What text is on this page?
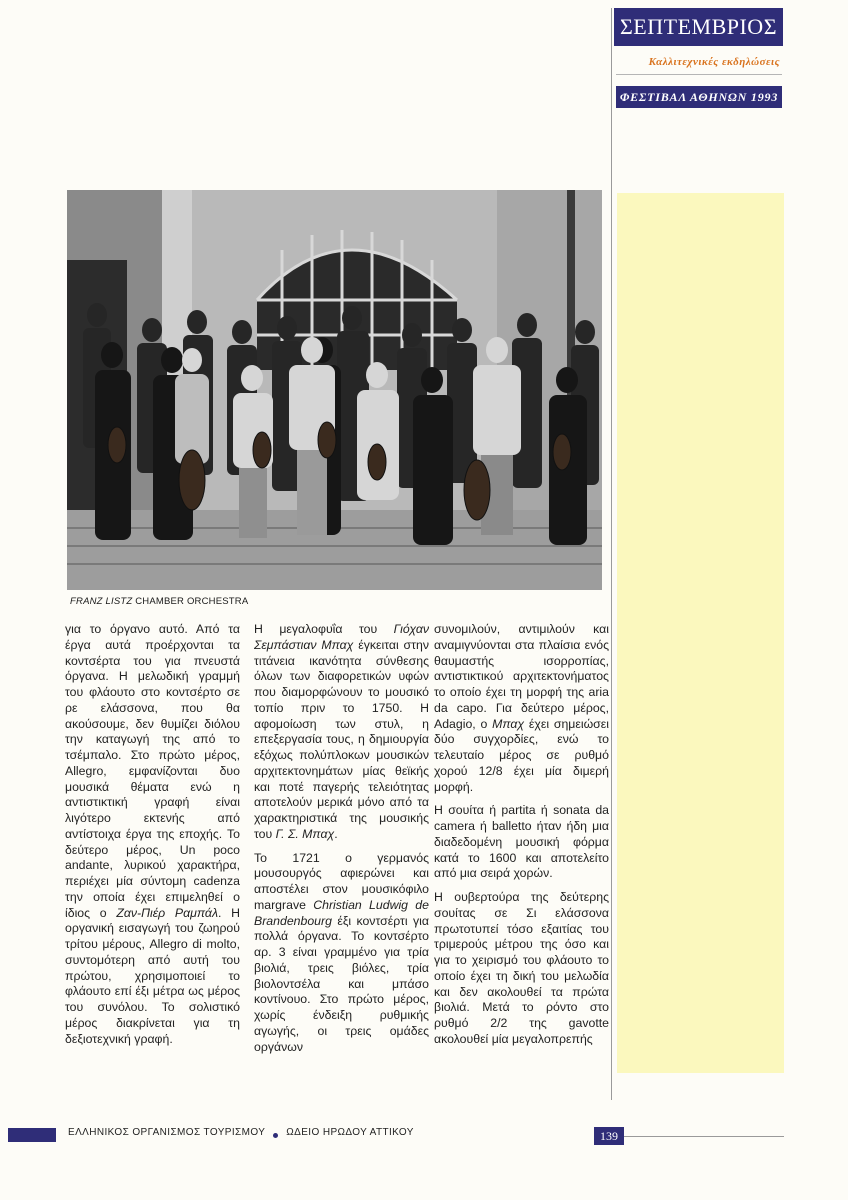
ΣΕΠΤΕΜΒΡΙΟΣ
Καλλιτεχνικές εκδηλώσεις
ΦΕΣΤΙΒΑΛ ΑΘΗΝΩΝ 1993
FRANZ LISTZ CHAMBER ORCHESTRA

για το όργανο αυτό. Από τα έργα αυτά προέρχονται τα κοντσέρτα του για πνευστά όργανα. Η μελωδική γραμμή του φλάουτο στο κοντσέρτο σε ρε ελάσσονα, που θα ακούσουμε, δεν θυμίζει διόλου την καταγωγή της από το τσέμπαλο. Στο πρώτο μέρος, Allegro, εμφανίζονται δυο μουσικά θέματα ενώ η αντιστικτική γραφή είναι λιγότερο εκτενής από αντίστοιχα έργα της εποχής. Το δεύτερο μέρος, Un poco andante, λυρικού χαρακτήρα, περιέχει μία σύντομη cadenza την οποία έχει επιμεληθεί ο ίδιος ο Ζαν-Πιέρ Ραμπάλ. Η οργανική εισαγωγή του ζωηρού τρίτου μέρους, Allegro di molto, συντομότερη από αυτή του πρώτου, χρησιμοποιεί το φλάουτο επί έξι μέτρα ως μέρος του συνόλου. Το σολιστικό μέρος διακρίνεται για τη δεξιοτεχνική γραφή.

Η μεγαλοφυΐα του Γιόχαν Σεμπάστιαν Μπαχ έγκειται στην τιτάνεια ικανότητα σύνθεσης όλων των διαφορετικών υφών που διαμορφώνουν το μουσικό τοπίο πριν το 1750. Η αφομοίωση των στυλ, η επεξεργασία τους, η δημιουργία εξόχως πολύπλοκων μουσικών αρχιτεκτονημάτων μίας θεϊκής και ποτέ παγερής τελειότητας αποτελούν μερικά μόνο από τα χαρακτηριστικά της μουσικής του Γ. Σ. Μπαχ.

Το 1721 ο γερμανός μουσουργός αφιερώνει και αποστέλει στον μουσικόφιλο margrave Christian Ludwig de Brandenbourg έξι κοντσέρτι για πολλά όργανα. Το κοντσέρτο αρ. 3 είναι γραμμένο για τρία βιολιά, τρεις βιόλες, τρία βιολοντσέλα και μπάσο κοντίνουο. Στο πρώτο μέρος, χωρίς ένδειξη ρυθμικής αγωγής, οι τρεις ομάδες οργάνων

συνομιλούν, αντιμιλούν και αναμιγνύονται στα πλαίσια ενός θαυμαστής ισορροπίας, αντιστικτικού αρχιτεκτονήματος το οποίο έχει τη μορφή της aria da capo. Για δεύτερο μέρος, Adagio, ο Μπαχ έχει σημειώσει δύο συγχορδίες, ενώ το τελευταίο μέρος σε ρυθμό χορού 12/8 έχει μία διμερή μορφή.

Η σουίτα ή partita ή sonata da camera ή balletto ήταν ήδη μια διαδεδομένη μουσική φόρμα κατά το 1600 και αποτελείτο από μια σειρά χορών.

Η ουβερτούρα της δεύτερης σουίτας σε Σι ελάσσονα πρωτοτυπεί τόσο εξαιτίας του τριμερούς μέτρου της όσο και για το χειρισμό του φλάουτο το οποίο έχει τη δική του μελωδία και δεν ακολουθεί τα πρώτα βιολιά. Μετά το ρόντο στο ρυθμό 2/2 της gavotte ακολουθεί μία μεγαλοπρεπής

ΕΛΛΗΝΙΚΟΣ ΟΡΓΑΝΙΣΜΟΣ ΤΟΥΡΙΣΜΟΥ ΩΔΕΙΟ ΗΡΩΔΟΥ ΑΤΤΙΚΟΥ	139
